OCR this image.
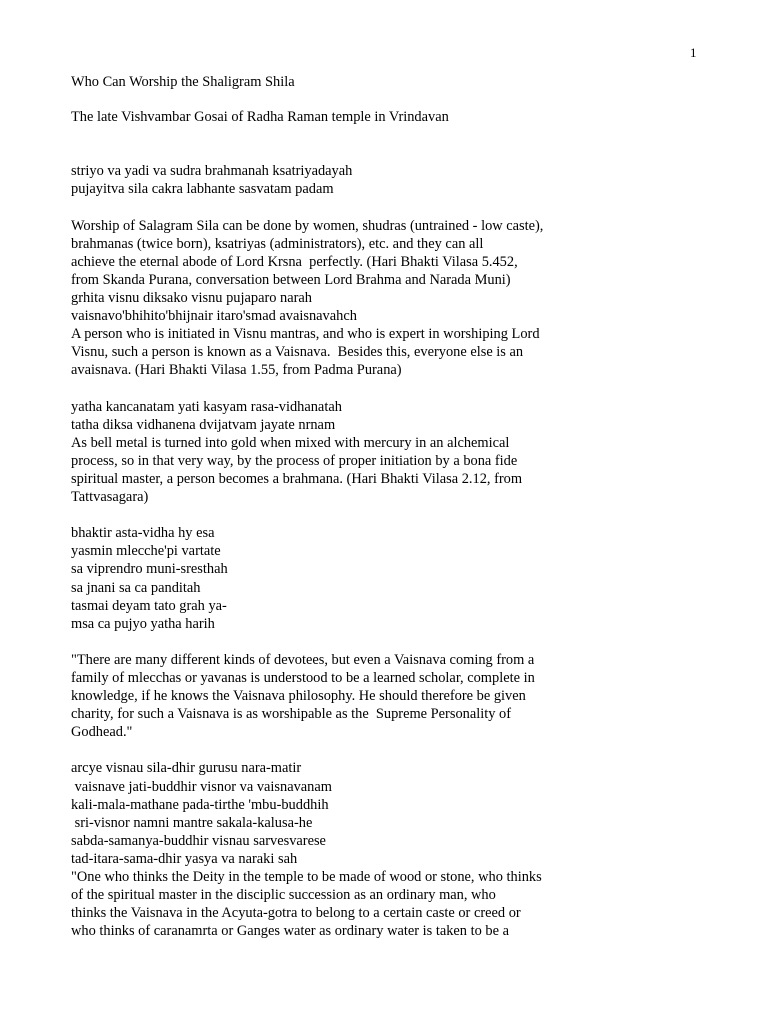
1
Who Can Worship the Shaligram Shila
The late Vishvambar Gosai of Radha Raman temple in Vrindavan
striyo va yadi va sudra brahmanah ksatriyadayah
pujayitva sila cakra labhante sasvatam padam
Worship of Salagram Sila can be done by women, shudras (untrained - low caste),
brahmanas (twice born), ksatriyas (administrators), etc. and they can all
achieve the eternal abode of Lord Krsna  perfectly. (Hari Bhakti Vilasa 5.452,
from Skanda Purana, conversation between Lord Brahma and Narada Muni)
grhita visnu diksako visnu pujaparo narah
vaisnavo'bhihito'bhijnair itaro'smad avaisnavahch
A person who is initiated in Visnu mantras, and who is expert in worshiping Lord
Visnu, such a person is known as a Vaisnava.  Besides this, everyone else is an
avaisnava. (Hari Bhakti Vilasa 1.55, from Padma Purana)
yatha kancanatam yati kasyam rasa-vidhanatah
tatha diksa vidhanena dvijatvam jayate nrnam
As bell metal is turned into gold when mixed with mercury in an alchemical
process, so in that very way, by the process of proper initiation by a bona fide
spiritual master, a person becomes a brahmana. (Hari Bhakti Vilasa 2.12, from
Tattvasagara)
bhaktir asta-vidha hy esa
yasmin mlecche'pi vartate
sa viprendro muni-sresthah
sa jnani sa ca panditah
tasmai deyam tato grah ya-
msa ca pujyo yatha harih
"There are many different kinds of devotees, but even a Vaisnava coming from a
family of mlecchas or yavanas is understood to be a learned scholar, complete in
knowledge, if he knows the Vaisnava philosophy. He should therefore be given
charity, for such a Vaisnava is as worshipable as the  Supreme Personality of
Godhead."
arcye visnau sila-dhir gurusu nara-matir
vaisnave jati-buddhir visnor va vaisnavanam
kali-mala-mathane pada-tirthe 'mbu-buddhih
sri-visnor namni mantre sakala-kalusa-he
sabda-samanya-buddhir visnau sarvesvarese
tad-itara-sama-dhir yasya va naraki sah
"One who thinks the Deity in the temple to be made of wood or stone, who thinks
of the spiritual master in the disciplic succession as an ordinary man, who
thinks the Vaisnava in the Acyuta-gotra to belong to a certain caste or creed or
who thinks of caranamrta or Ganges water as ordinary water is taken to be a
